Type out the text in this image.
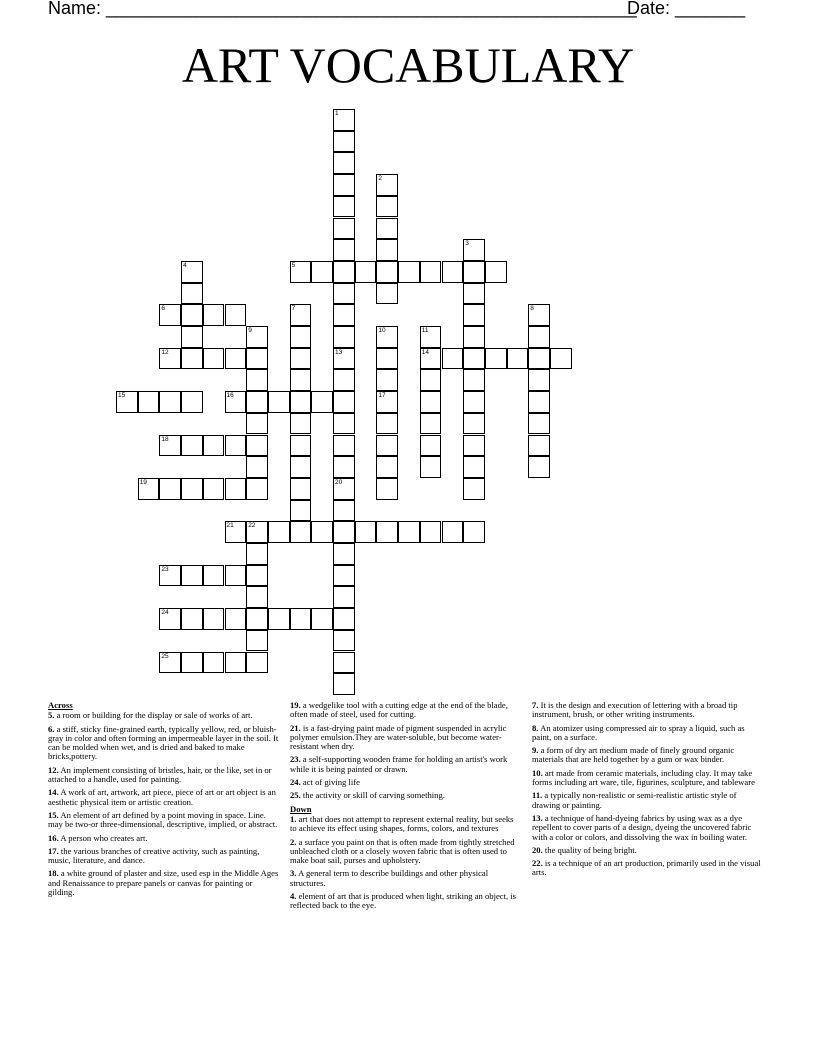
Name: _____________________________________________________
Date: _______
ART VOCABULARY
1
13
2
3
4	5
6	7	8
9	10
17
11
14
12
15	16
18
19	20
21 22
23
24
25
Across
5. a room or building for the display or sale of works of art.
6. a stiff, sticky fine-grained earth, typically yellow, red, or bluish-gray in color and often forming an impermeable layer in the soil. It can be molded when wet, and is dried and baked to make bricks,pottery.
12. An implement consisting of bristles, hair, or the like, set in or attached to a handle, used for painting.
14. A work of art, artwork, art piece, piece of art or art object is an aesthetic physical item or artistic creation.
15. An element of art defined by a point moving in space. Line. may be two-or three-dimensional, descriptive, implied, or abstract.
16. A person who creates art.
17. the various branches of creative activity, such as painting, music, literature, and dance.
18. a white ground of plaster and size, used esp in the Middle Ages and Renaissance to prepare panels or canvas for painting or gilding.
19. a wedgelike tool with a cutting edge at the end of the blade, often made of steel, used for cutting.
21. is a fast-drying paint made of pigment suspended in acrylic polymer emulsion.They are water-soluble, but become water-resistant when dry.
23. a self-supporting wooden frame for holding an artist's work while it is being painted or drawn.
24. act of giving life
25. the activity or skill of carving something.
Down
1. art that does not attempt to represent external reality, but seeks to achieve its effect using shapes, forms, colors, and textures
2. a surface you paint on that is often made from tightly stretched unbleached cloth or a closely woven fabric that is often used to make boat sail, purses and upholstery.
3. A general term to describe buildings and other physical structures.
4. element of art that is produced when light, striking an object, is reflected back to the eye.
7. It is the design and execution of lettering with a broad tip instrument, brush, or other writing instruments.
8. An atomizer using compressed air to spray a liquid, such as paint, on a surface.
9. a form of dry art medium made of finely ground organic materials that are held together by a gum or wax binder.
10. art made from ceramic materials, including clay. It may take forms including art ware, tile, figurines, sculpture, and tableware
11. a typically non-realistic or semi-realistic artistic style of drawing or painting.
13. a technique of hand-dyeing fabrics by using wax as a dye repellent to cover parts of a design, dyeing the uncovered fabric with a color or colors, and dissolving the wax in boiling water.
20. the quality of being bright.
22. is a technique of an art production, primarily used in the visual arts.
